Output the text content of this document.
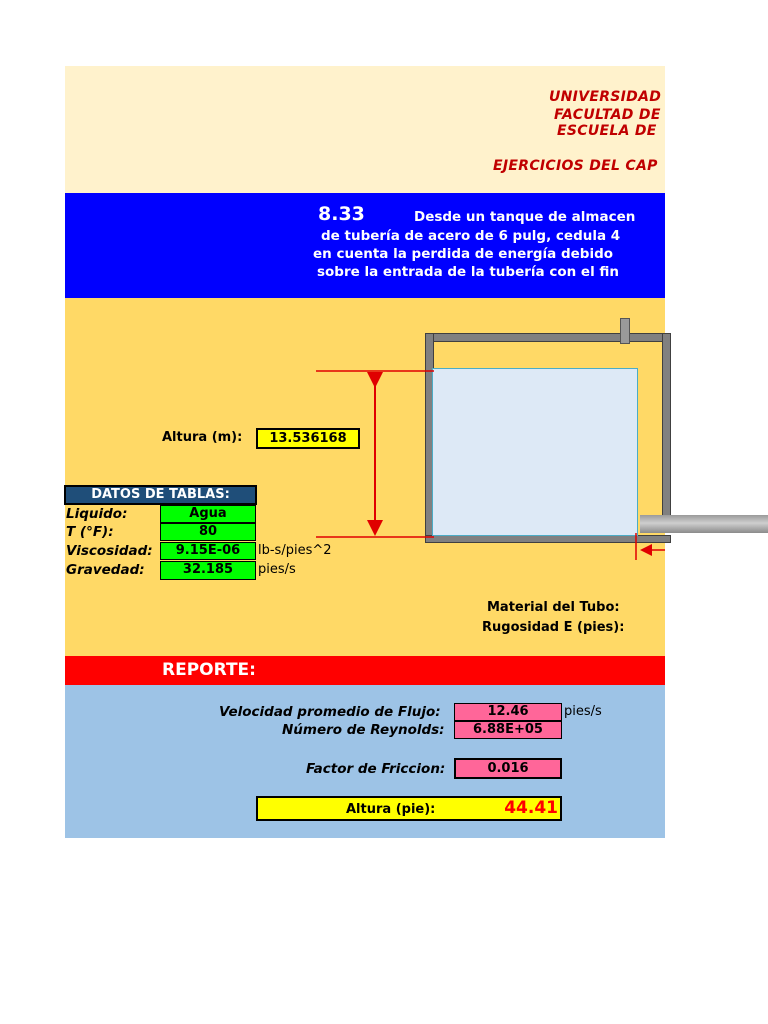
UNIVERSIDAD
FACULTAD DE
ESCUELA DE
EJERCICIOS DEL CAP
8.33	Desde un tanque de almacen
de tubería de acero de 6 pulg, cedula 4
en cuenta la perdida de energía debido
sobre la entrada de la tubería con el fin
Altura (m):	13.536168
DATOS DE TABLAS:
Liquido:	Agua
T (°F):	80
Viscosidad:	9.15E-06	lb-s/pies^2
Gravedad:	32.185	pies/s
Material del Tubo:
Rugosidad E (pies):
REPORTE:
Velocidad promedio de Flujo:	12.46	pies/s
Número de Reynolds:	6.88E+05
Factor de Friccion:	0.016
Altura (pie):	44.41
